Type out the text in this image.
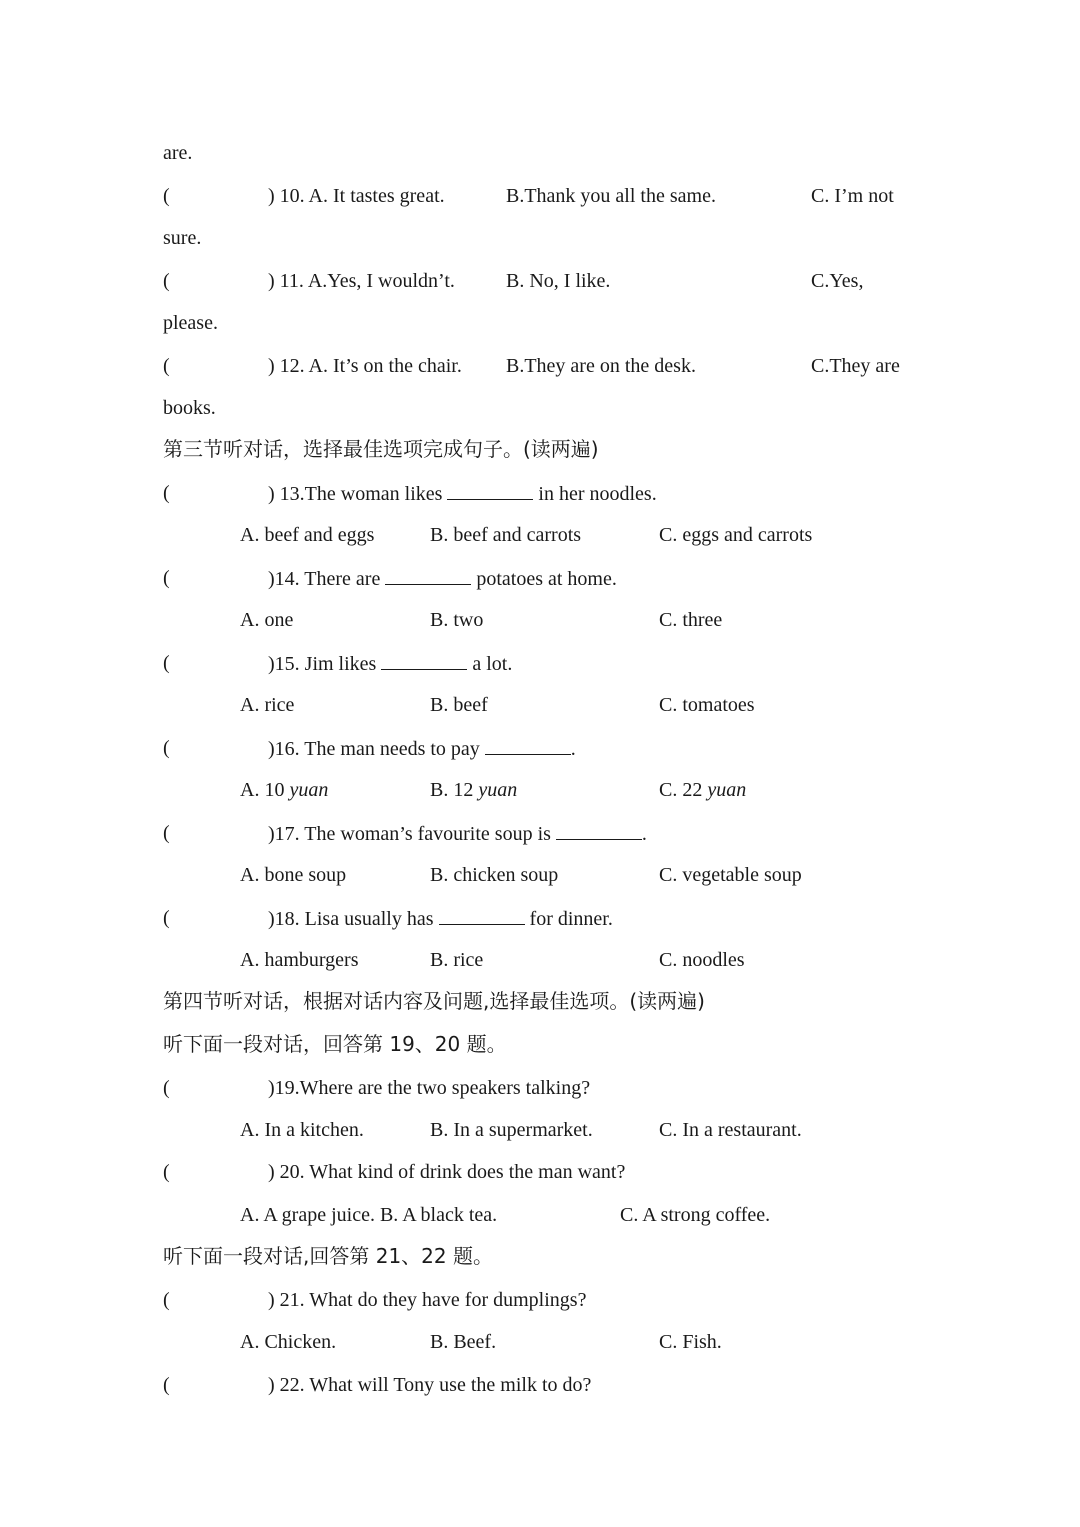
are.
(	) 10. A. It tastes great.	B.Thank you all the same.	C. I’m not
sure.
(	) 11. A.Yes, I wouldn’t.	B. No, I like.	C.Yes,
please.
(	) 12. A. It’s on the chair. B.They are on the desk.	C.They are
books.
第三节听对话，选择最佳选项完成句子。(读两遍)
(	) 13.The woman likes	in her noodles.
A. beef and eggs	B. beef and carrots	C. eggs and carrots
(	)14. There are	potatoes at home.
A. one	B. two	C. three
(	)15. Jim likes	a lot.
A. rice	B. beef	C. tomatoes
(	)16. The man needs to pay	.
A. 10 yuan	B. 12 yuan	C. 22 yuan
(	)17. The woman’s favourite soup is	.
A. bone soup	B. chicken soup	C. vegetable soup
(	)18. Lisa usually has	for dinner.
A. hamburgers	B. rice	C. noodles
第四节听对话，根据对话内容及问题,选择最佳选项。(读两遍)
听下面一段对话，回答第 19、20 题。
(	)19.Where are the two speakers talking?
A. In a kitchen.	B. In a supermarket.	C. In a restaurant.
(	) 20. What kind of drink does the man want?
A. A grape juice. B. A black tea.	C. A strong coffee.
听下面一段对话,回答第 21、22 题。
(	) 21. What do they have for dumplings?
A. Chicken.	B. Beef.	C. Fish.
(	) 22. What will Tony use the milk to do?
